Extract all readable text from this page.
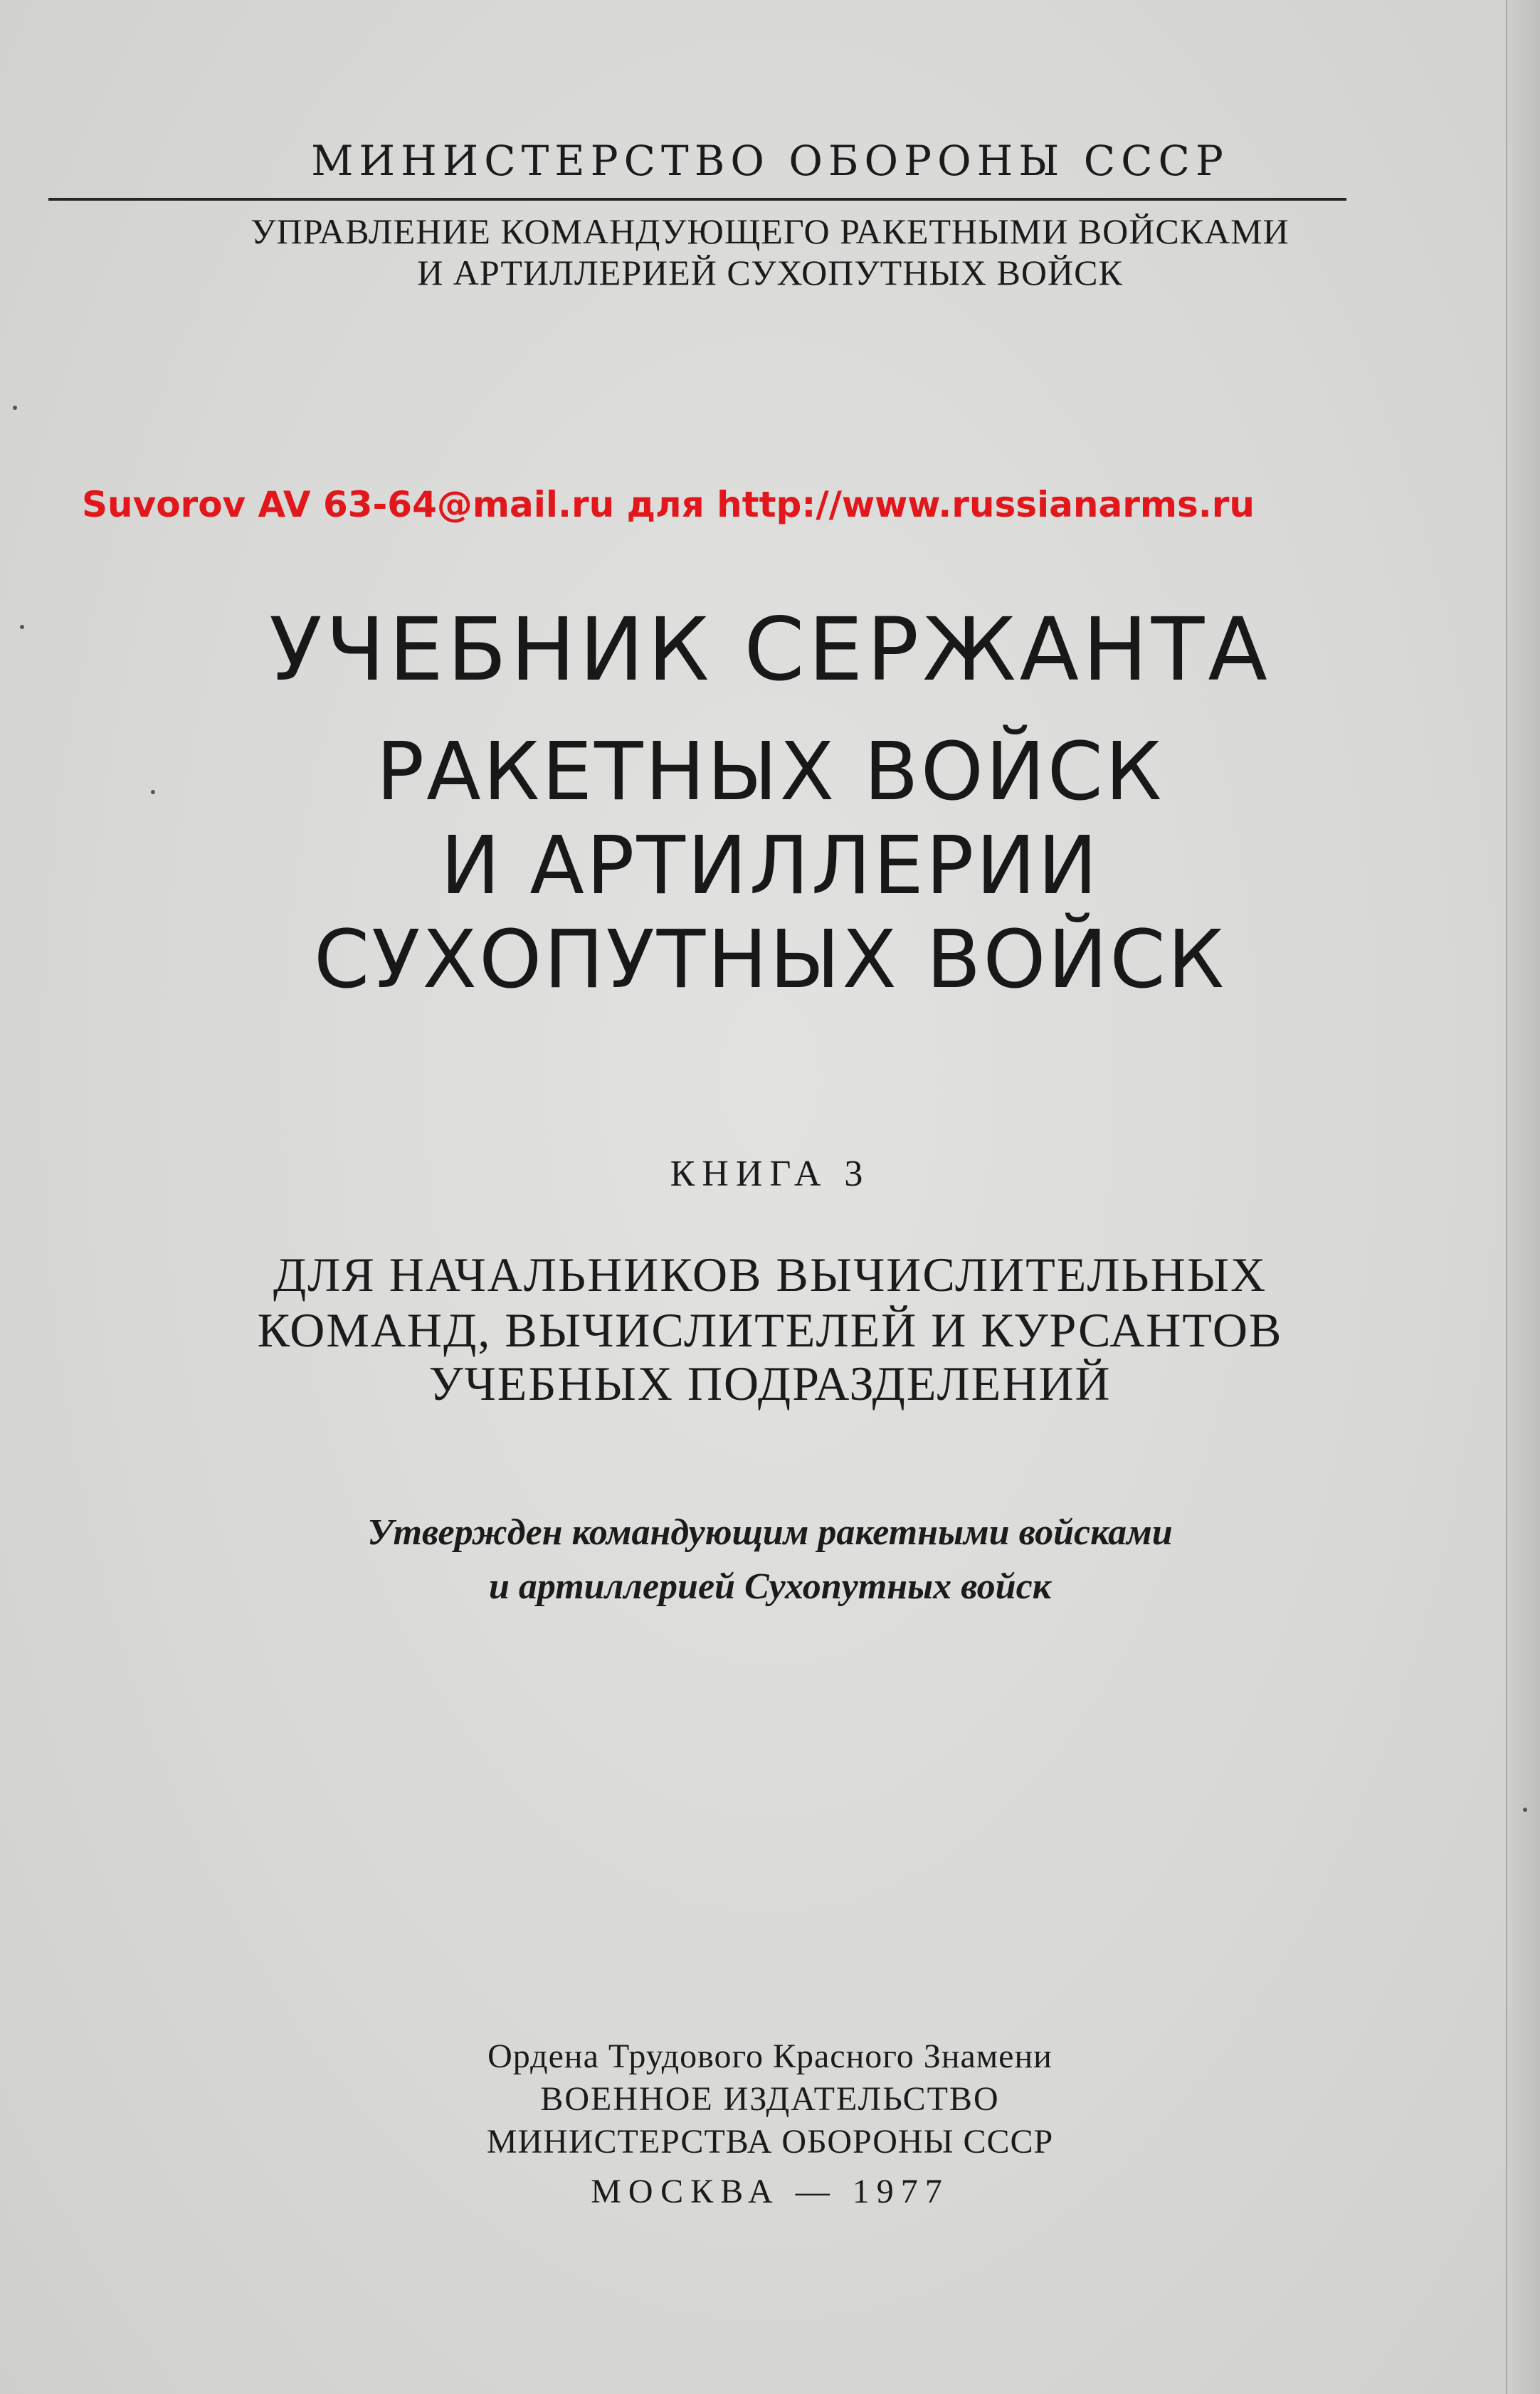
МИНИСТЕРСТВО ОБОРОНЫ СССР
УПРАВЛЕНИЕ КОМАНДУЮЩЕГО РАКЕТНЫМИ ВОЙСКАМИ
И АРТИЛЛЕРИЕЙ СУХОПУТНЫХ ВОЙСК
Suvorov AV 63-64@mail.ru для http://www.russianarms.ru
УЧЕБНИК СЕРЖАНТА
РАКЕТНЫХ ВОЙСК
И АРТИЛЛЕРИИ
СУХОПУТНЫХ ВОЙСК
КНИГА 3
ДЛЯ НАЧАЛЬНИКОВ ВЫЧИСЛИТЕЛЬНЫХ
КОМАНД, ВЫЧИСЛИТЕЛЕЙ И КУРСАНТОВ
УЧЕБНЫХ ПОДРАЗДЕЛЕНИЙ
Утвержден командующим ракетными войсками
и артиллерией Сухопутных войск
Ордена Трудового Красного Знамени
ВОЕННОЕ ИЗДАТЕЛЬСТВО
МИНИСТЕРСТВА ОБОРОНЫ СССР
МОСКВА — 1977
